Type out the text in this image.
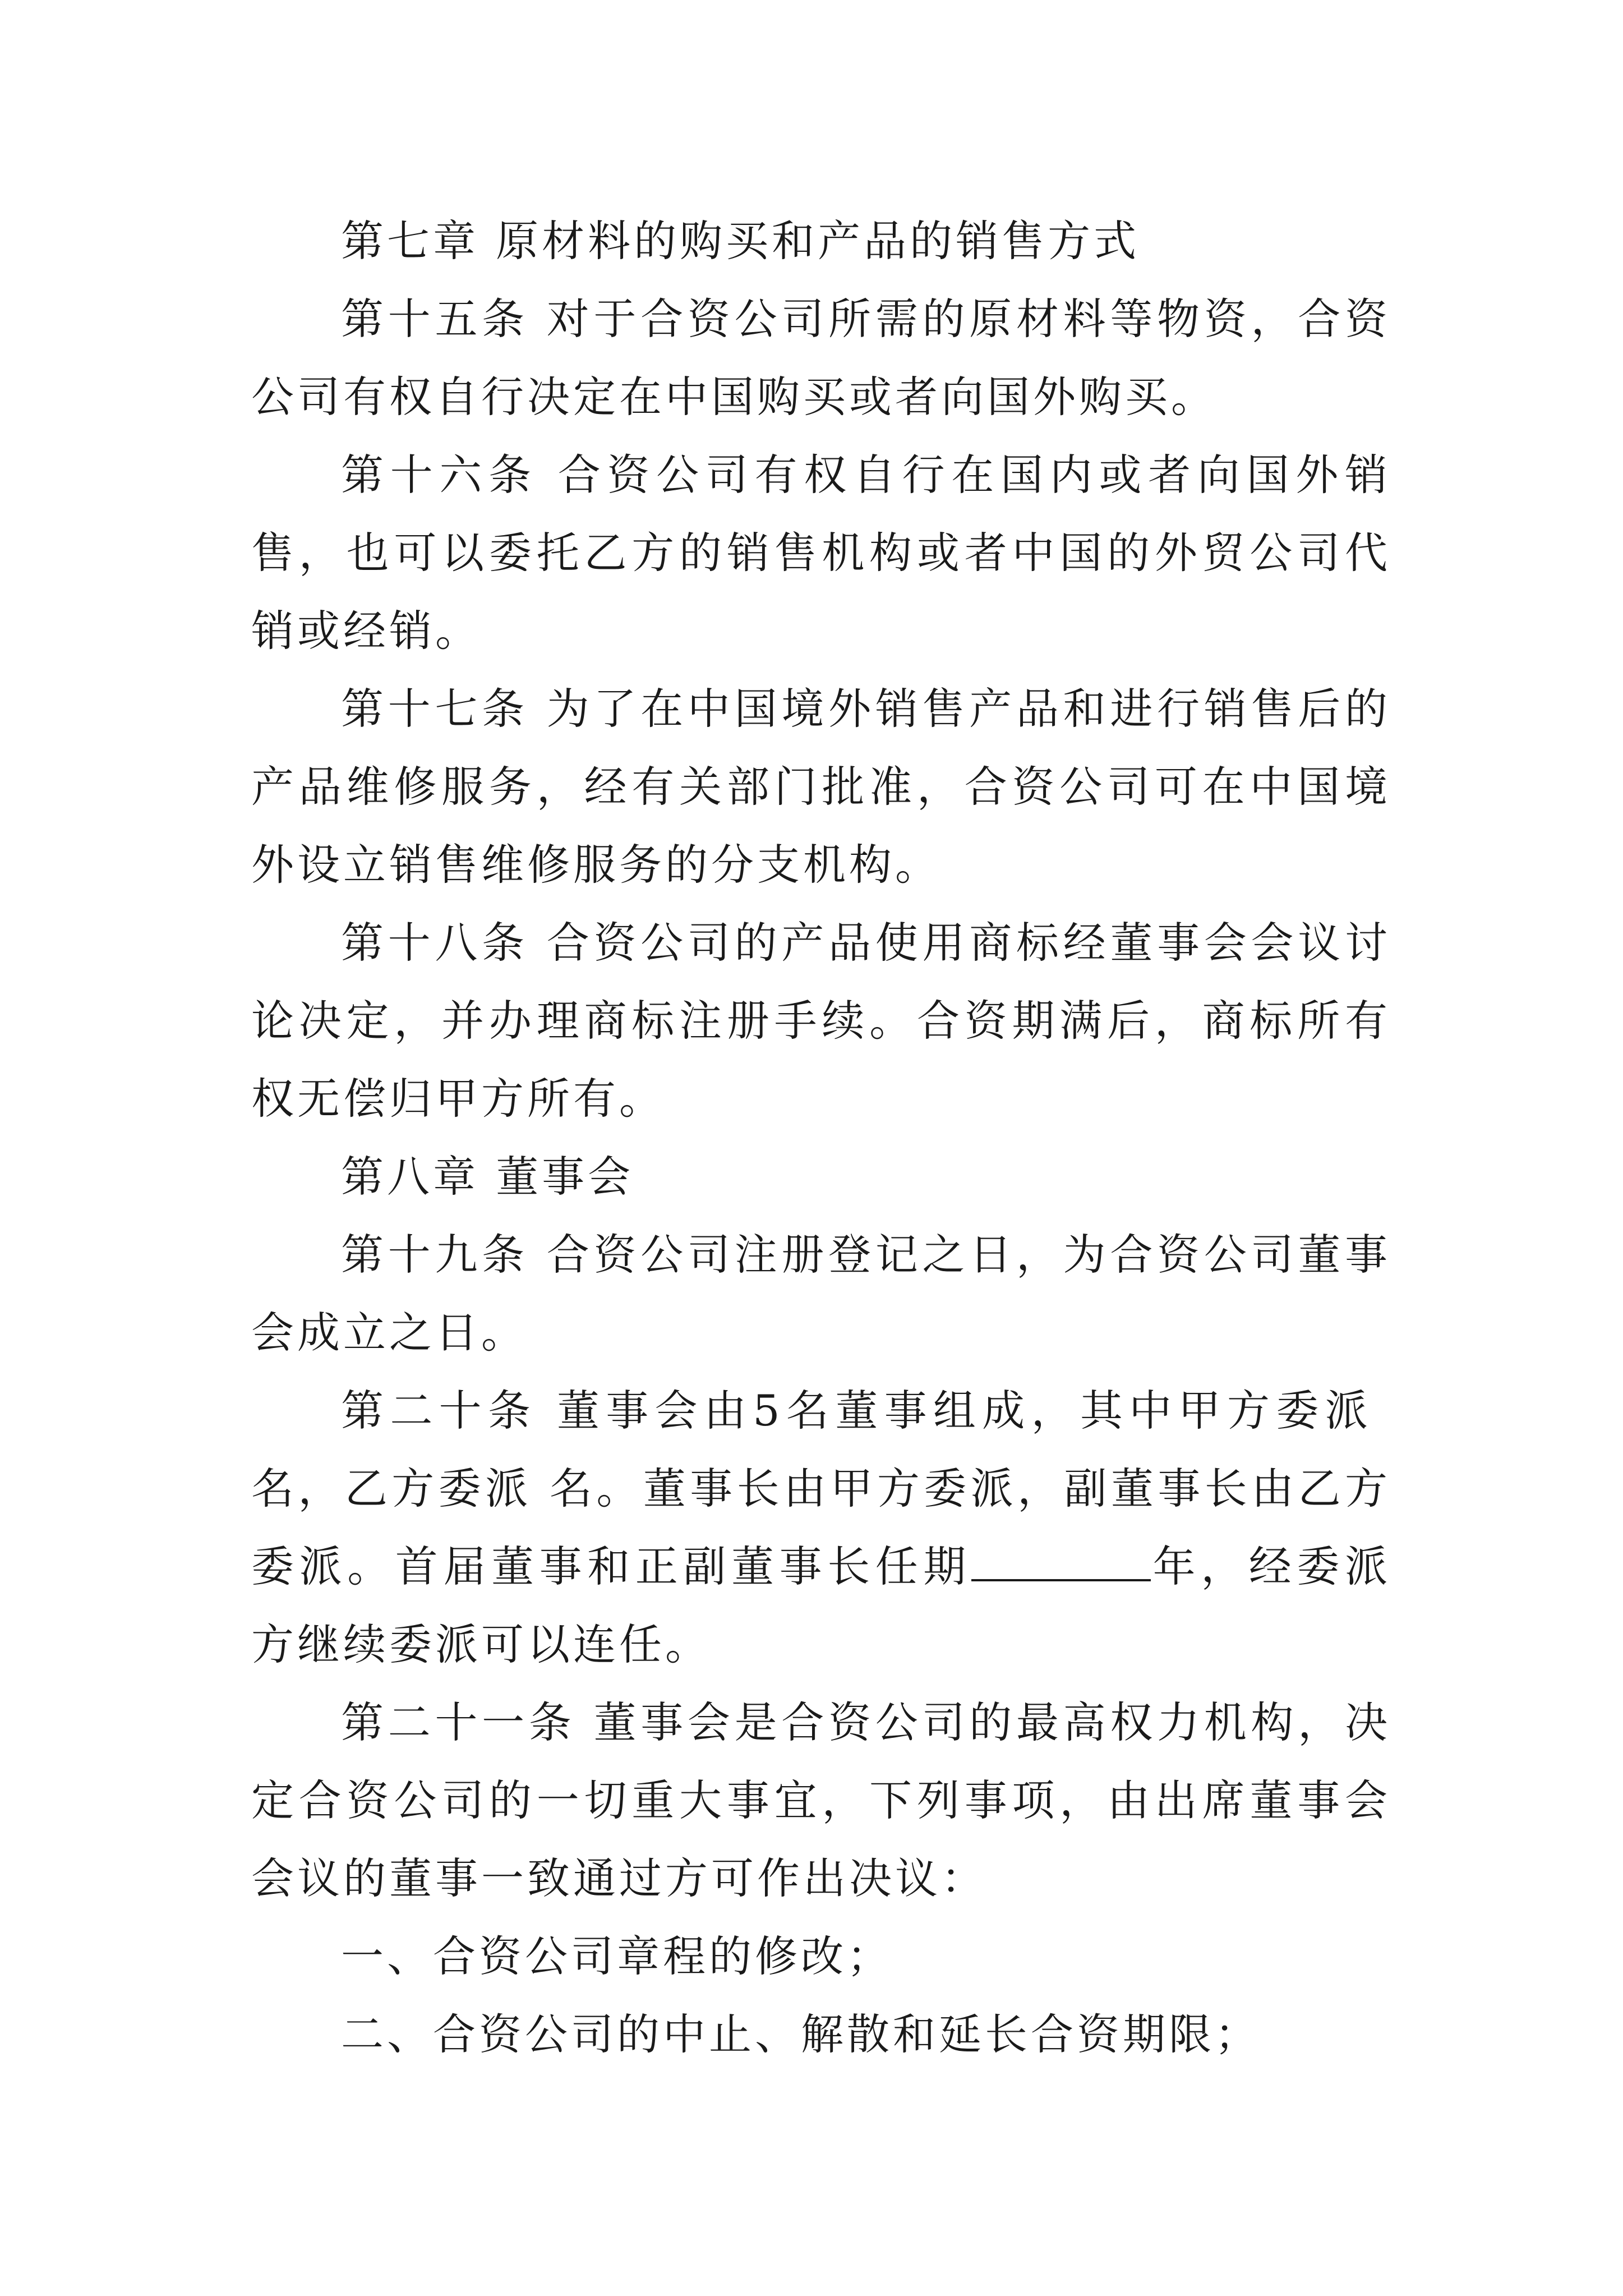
第七章 原材料的购买和产品的销售方式

第十五条 对于合资公司所需的原材料等物资，合资公司有权自行决定在中国购买或者向国外购买。

第十六条 合资公司有权自行在国内或者向国外销售，也可以委托乙方的销售机构或者中国的外贸公司代销或经销。

第十七条 为了在中国境外销售产品和进行销售后的产品维修服务，经有关部门批准，合资公司可在中国境外设立销售维修服务的分支机构。

第十八条 合资公司的产品使用商标经董事会会议讨论决定，并办理商标注册手续。合资期满后，商标所有权无偿归甲方所有。

第八章 董事会

第十九条 合资公司注册登记之日，为合资公司董事会成立之日。

第二十条 董事会由5名董事组成，其中甲方委派名，乙方委派 名。董事长由甲方委派，副董事长由乙方委派。首届董事和正副董事长任期	年，经委派方继续委派可以连任。

第二十一条 董事会是合资公司的最高权力机构，决定合资公司的一切重大事宜，下列事项，由出席董事会会议的董事一致通过方可作出决议：

一、合资公司章程的修改；

二、合资公司的中止、解散和延长合资期限；
